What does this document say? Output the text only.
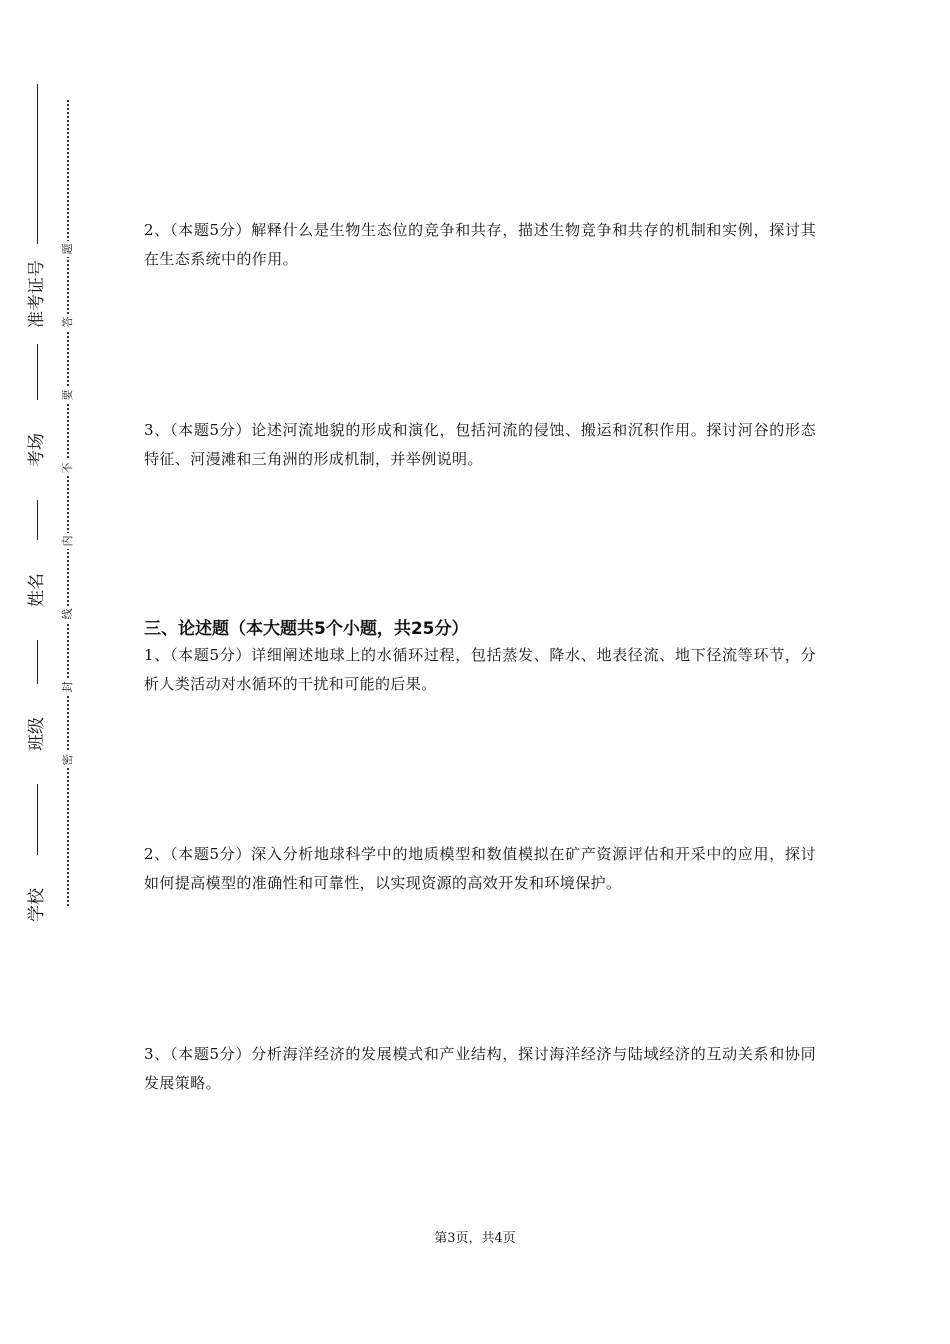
准考证号
考场
姓名
班级
学校
题
答
要
不
内
线
封
密

2、（本题5分）解释什么是生物生态位的竞争和共存，描述生物竞争和共存的机制和实例，探讨其在生态系统中的作用。

3、（本题5分）论述河流地貌的形成和演化，包括河流的侵蚀、搬运和沉积作用。探讨河谷的形态特征、河漫滩和三角洲的形成机制，并举例说明。

三、论述题（本大题共5个小题，共25分）

1、（本题5分）详细阐述地球上的水循环过程，包括蒸发、降水、地表径流、地下径流等环节，分析人类活动对水循环的干扰和可能的后果。

2、（本题5分）深入分析地球科学中的地质模型和数值模拟在矿产资源评估和开采中的应用，探讨如何提高模型的准确性和可靠性，以实现资源的高效开发和环境保护。

3、（本题5分）分析海洋经济的发展模式和产业结构，探讨海洋经济与陆域经济的互动关系和协同发展策略。

第3页，共4页
